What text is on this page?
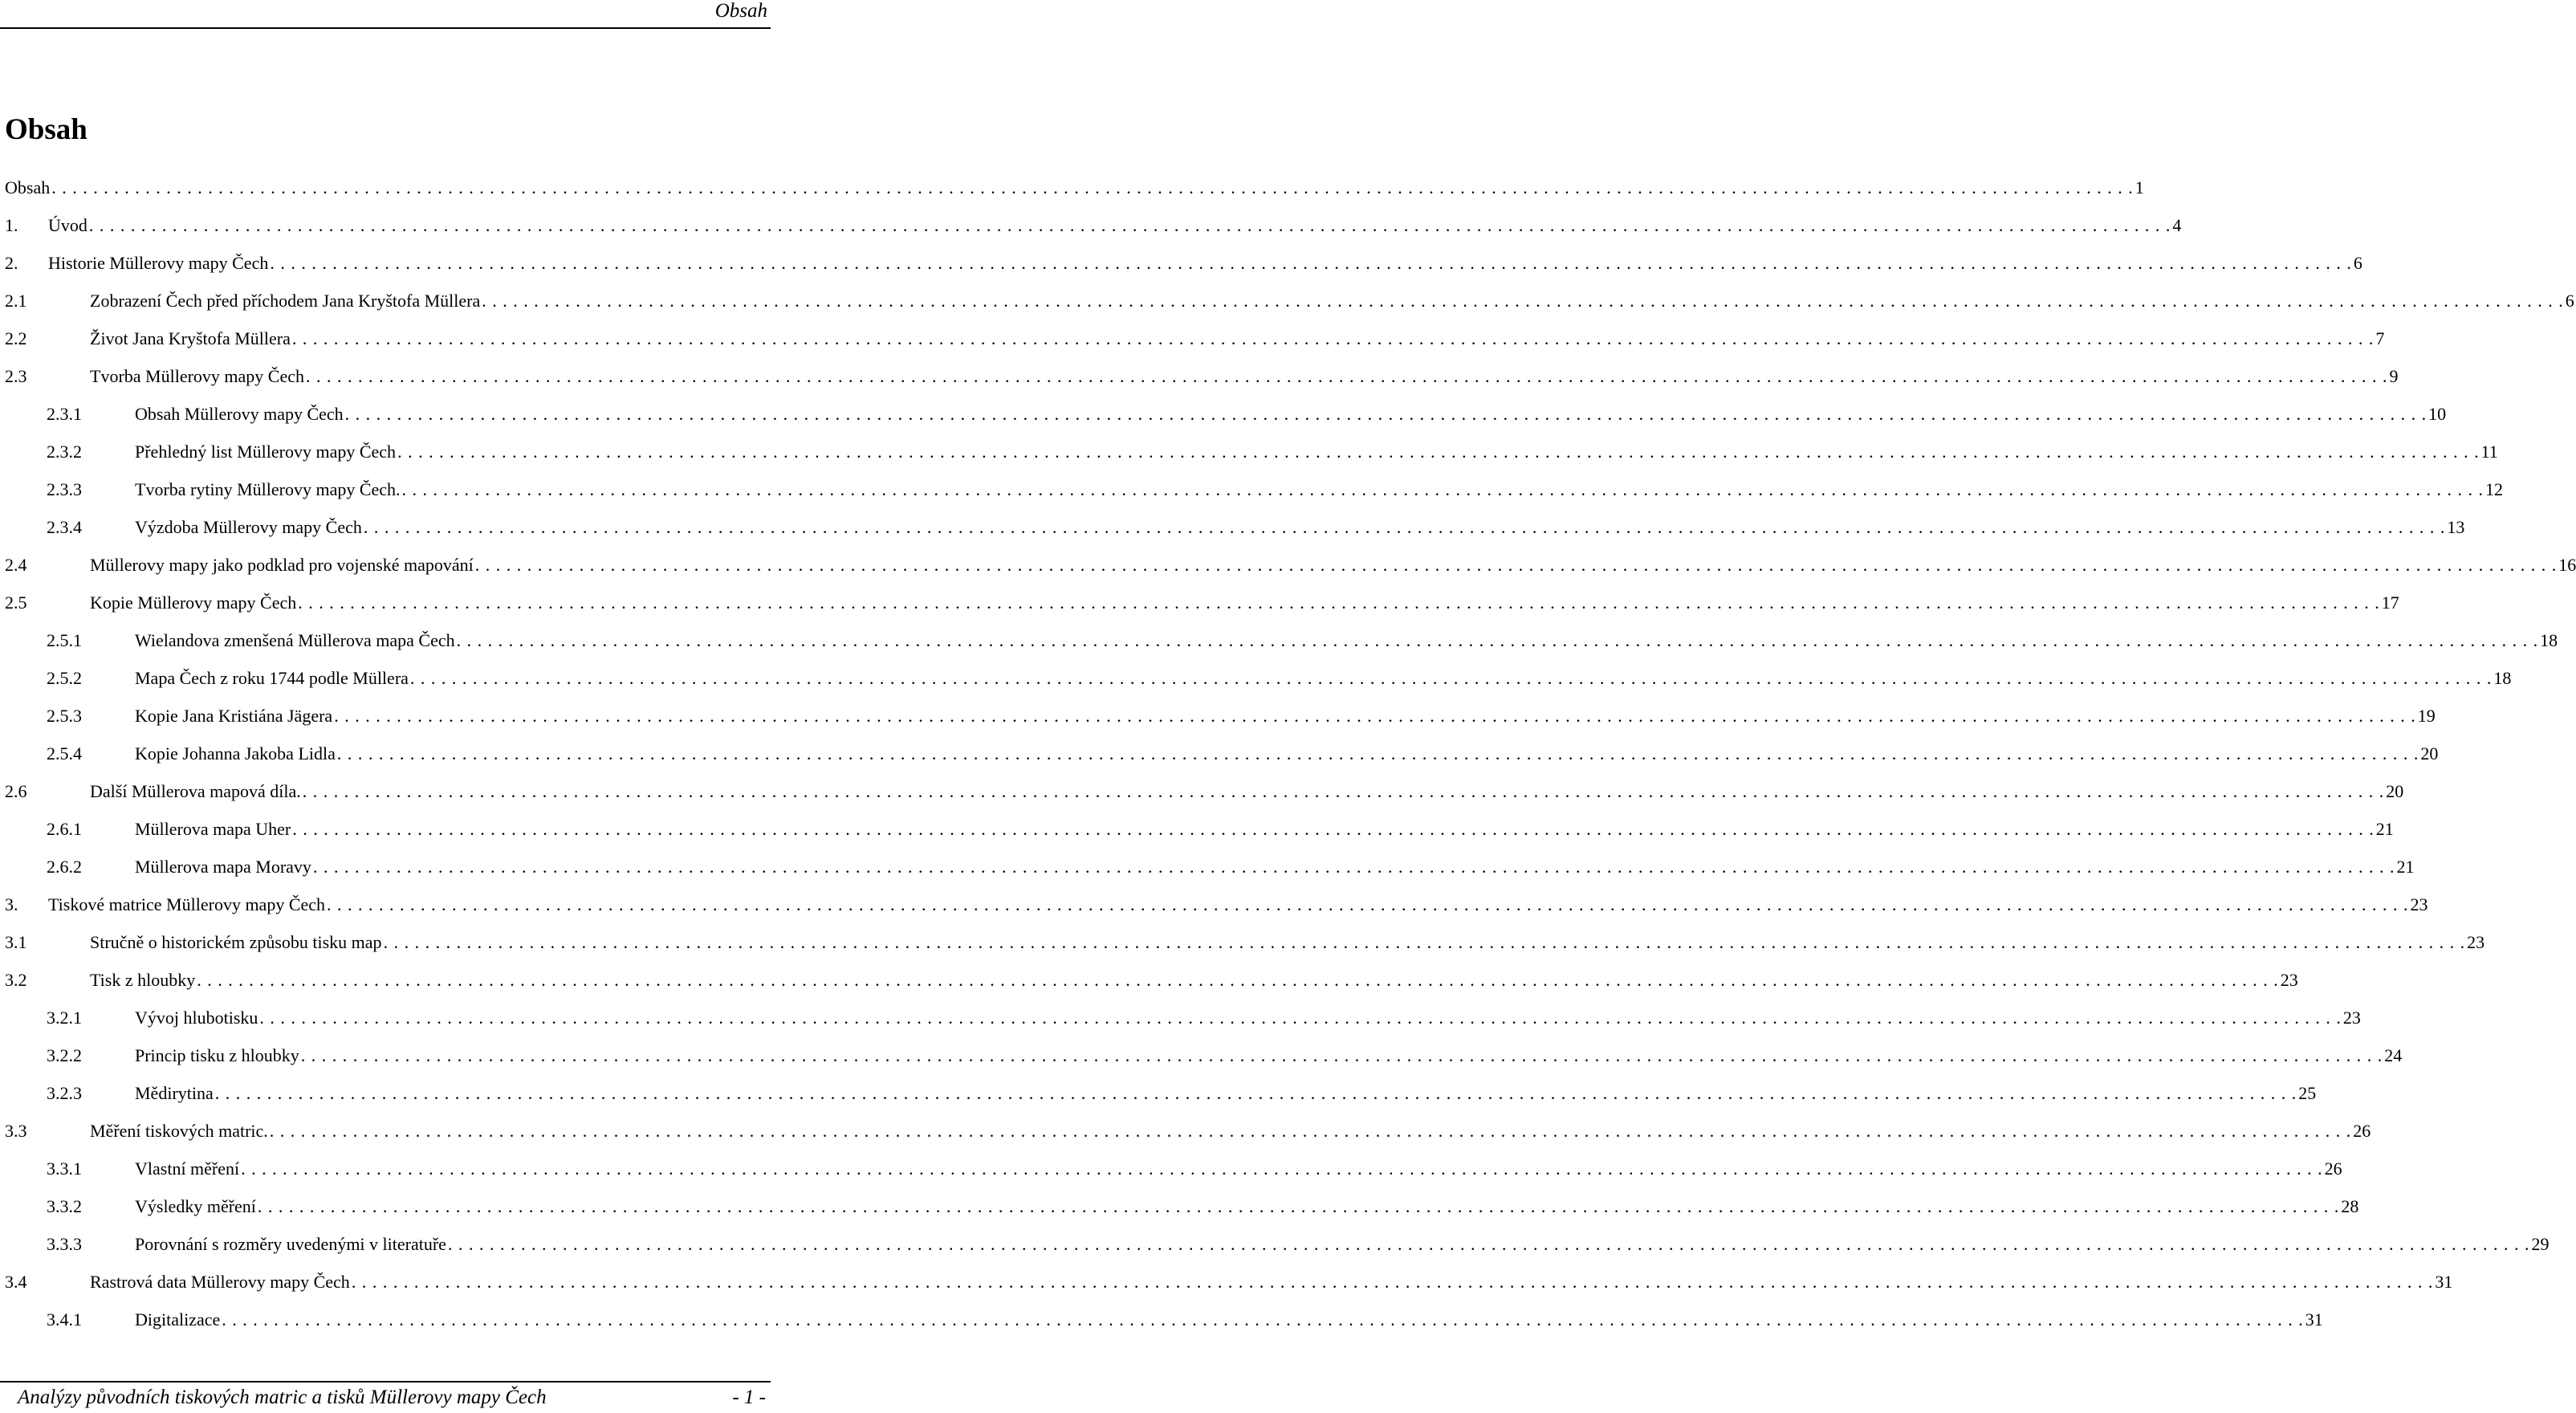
Obsah
Obsah
Obsah . . . . . . . . . . . . . . . . . . . . . . . . . . . . . . . . . . . . . . . . . . . . . . . . . . . . . . . . . . . . . . . . . . . . . . . . . . . . . . . . . . . . . . . . . . . . . . . . . . . . . . . . . . . . . . . . . . . . . . . . . . . . . . . . . . . . . . . . . . . . . . . . . . . . . . . . . . . . . . . . . . . . . . . . . . . . . . . . . . . . . . . . . . . . . . . . . . . . . . . . 1
1. Úvod . . . . . . . . . . . . . . . . . . . . . . . . . . . . . . . . . . . . . . . . . . . . . . . . . . . . . . . . . . . . . . . . . . . . . . . . . . . . . . . . . . . . . . . . . . . . . . . . . . . . . . . . . . . . . . . . . . . . . . . . . . . . . . . . . . . . . . . . . . . . . . . . . . . . . . . . . . . . . . . . . . . . . . . . . . . . . . . . . . . . . . . . . . . . . . . . . . . . . . . . 4
2. Historie Müllerovy mapy Čech . . . . . . . . . . . . . . . . . . . . . . . . . . . . . . . . . . . . . . . . . . . . . . . . . . . . . . . . . . . . . . . . . . . . . . . . . . . . . . . . . . . . . . . . . . . . . . . . . . . . . . . . . . . . . . . . . . . . . . . . . . . . . . . . . . . . . . . . . . . . . . . . . . . . . . . . . . . . . . . . . . . . . . . . . . . . . . . . . . . . . . . . . . . . . . . . . . . . . . . . 6
2.1	Zobrazení Čech před příchodem Jana Kryštofa Müllera . . . . . . . . . . . . . . . . . . . . . . . . . . . . . . . . . . . . . . . . . . . . . . . . . . . . . . . . . . . . . . . . . . . . . . . . . . . . . . . . . . . . . . . . . . . . . . . . . . . . . . . . . . . . . . . . . . . . . . . . . . . . . . . . . . . . . . . . . . . . . . . . . . . . . . . . . . . . . . . . . . . . . . . . . . . . . . . . . . . . . . . . . . . . . . . . . . . . . . . . 6
2.2	Život Jana Kryštofa Müllera . . . . . . . . . . . . . . . . . . . . . . . . . . . . . . . . . . . . . . . . . . . . . . . . . . . . . . . . . . . . . . . . . . . . . . . . . . . . . . . . . . . . . . . . . . . . . . . . . . . . . . . . . . . . . . . . . . . . . . . . . . . . . . . . . . . . . . . . . . . . . . . . . . . . . . . . . . . . . . . . . . . . . . . . . . . . . . . . . . . . . . . . . . . . . . . . . . . . . . . . 7
2.3	Tvorba Müllerovy mapy Čech . . . . . . . . . . . . . . . . . . . . . . . . . . . . . . . . . . . . . . . . . . . . . . . . . . . . . . . . . . . . . . . . . . . . . . . . . . . . . . . . . . . . . . . . . . . . . . . . . . . . . . . . . . . . . . . . . . . . . . . . . . . . . . . . . . . . . . . . . . . . . . . . . . . . . . . . . . . . . . . . . . . . . . . . . . . . . . . . . . . . . . . . . . . . . . . . . . . . . . . . 9
2.3.1	Obsah Müllerovy mapy Čech . . . . . . . . . . . . . . . . . . . . . . . . . . . . . . . . . . . . . . . . . . . . . . . . . . . . . . . . . . . . . . . . . . . . . . . . . . . . . . . . . . . . . . . . . . . . . . . . . . . . . . . . . . . . . . . . . . . . . . . . . . . . . . . . . . . . . . . . . . . . . . . . . . . . . . . . . . . . . . . . . . . . . . . . . . . . . . . . . . . . . . . . . . . . . . . . . . . . . . . . 10
2.3.2	Přehledný list Müllerovy mapy Čech . . . . . . . . . . . . . . . . . . . . . . . . . . . . . . . . . . . . . . . . . . . . . . . . . . . . . . . . . . . . . . . . . . . . . . . . . . . . . . . . . . . . . . . . . . . . . . . . . . . . . . . . . . . . . . . . . . . . . . . . . . . . . . . . . . . . . . . . . . . . . . . . . . . . . . . . . . . . . . . . . . . . . . . . . . . . . . . . . . . . . . . . . . . . . . . . . . . . . . . . 11
2.3.3	Tvorba rytiny Müllerovy mapy Čech. . . . . . . . . . . . . . . . . . . . . . . . . . . . . . . . . . . . . . . . . . . . . . . . . . . . . . . . . . . . . . . . . . . . . . . . . . . . . . . . . . . . . . . . . . . . . . . . . . . . . . . . . . . . . . . . . . . . . . . . . . . . . . . . . . . . . . . . . . . . . . . . . . . . . . . . . . . . . . . . . . . . . . . . . . . . . . . . . . . . . . . . . . . . . . . . . . . . . . . . . 12
2.3.4	Výzdoba Müllerovy mapy Čech . . . . . . . . . . . . . . . . . . . . . . . . . . . . . . . . . . . . . . . . . . . . . . . . . . . . . . . . . . . . . . . . . . . . . . . . . . . . . . . . . . . . . . . . . . . . . . . . . . . . . . . . . . . . . . . . . . . . . . . . . . . . . . . . . . . . . . . . . . . . . . . . . . . . . . . . . . . . . . . . . . . . . . . . . . . . . . . . . . . . . . . . . . . . . . . . . . . . . . . . 13
2.4	Müllerovy mapy jako podklad pro vojenské mapování . . . . . . . . . . . . . . . . . . . . . . . . . . . . . . . . . . . . . . . . . . . . . . . . . . . . . . . . . . . . . . . . . . . . . . . . . . . . . . . . . . . . . . . . . . . . . . . . . . . . . . . . . . . . . . . . . . . . . . . . . . . . . . . . . . . . . . . . . . . . . . . . . . . . . . . . . . . . . . . . . . . . . . . . . . . . . . . . . . . . . . . . . . . . . . . . . . . . . . . . 16
2.5	Kopie Müllerovy mapy Čech . . . . . . . . . . . . . . . . . . . . . . . . . . . . . . . . . . . . . . . . . . . . . . . . . . . . . . . . . . . . . . . . . . . . . . . . . . . . . . . . . . . . . . . . . . . . . . . . . . . . . . . . . . . . . . . . . . . . . . . . . . . . . . . . . . . . . . . . . . . . . . . . . . . . . . . . . . . . . . . . . . . . . . . . . . . . . . . . . . . . . . . . . . . . . . . . . . . . . . . . 17
2.5.1	Wielandova zmenšená Müllerova mapa Čech . . . . . . . . . . . . . . . . . . . . . . . . . . . . . . . . . . . . . . . . . . . . . . . . . . . . . . . . . . . . . . . . . . . . . . . . . . . . . . . . . . . . . . . . . . . . . . . . . . . . . . . . . . . . . . . . . . . . . . . . . . . . . . . . . . . . . . . . . . . . . . . . . . . . . . . . . . . . . . . . . . . . . . . . . . . . . . . . . . . . . . . . . . . . . . . . . . . . . . . . 18
2.5.2	Mapa Čech z roku 1744 podle Müllera . . . . . . . . . . . . . . . . . . . . . . . . . . . . . . . . . . . . . . . . . . . . . . . . . . . . . . . . . . . . . . . . . . . . . . . . . . . . . . . . . . . . . . . . . . . . . . . . . . . . . . . . . . . . . . . . . . . . . . . . . . . . . . . . . . . . . . . . . . . . . . . . . . . . . . . . . . . . . . . . . . . . . . . . . . . . . . . . . . . . . . . . . . . . . . . . . . . . . . . . 18
2.5.3	Kopie Jana Kristiána Jägera . . . . . . . . . . . . . . . . . . . . . . . . . . . . . . . . . . . . . . . . . . . . . . . . . . . . . . . . . . . . . . . . . . . . . . . . . . . . . . . . . . . . . . . . . . . . . . . . . . . . . . . . . . . . . . . . . . . . . . . . . . . . . . . . . . . . . . . . . . . . . . . . . . . . . . . . . . . . . . . . . . . . . . . . . . . . . . . . . . . . . . . . . . . . . . . . . . . . . . . . 19
2.5.4	Kopie Johanna Jakoba Lidla . . . . . . . . . . . . . . . . . . . . . . . . . . . . . . . . . . . . . . . . . . . . . . . . . . . . . . . . . . . . . . . . . . . . . . . . . . . . . . . . . . . . . . . . . . . . . . . . . . . . . . . . . . . . . . . . . . . . . . . . . . . . . . . . . . . . . . . . . . . . . . . . . . . . . . . . . . . . . . . . . . . . . . . . . . . . . . . . . . . . . . . . . . . . . . . . . . . . . . . . 20
2.6	Další Müllerova mapová díla. . . . . . . . . . . . . . . . . . . . . . . . . . . . . . . . . . . . . . . . . . . . . . . . . . . . . . . . . . . . . . . . . . . . . . . . . . . . . . . . . . . . . . . . . . . . . . . . . . . . . . . . . . . . . . . . . . . . . . . . . . . . . . . . . . . . . . . . . . . . . . . . . . . . . . . . . . . . . . . . . . . . . . . . . . . . . . . . . . . . . . . . . . . . . . . . . . . . . . . . . 20
2.6.1	Müllerova mapa Uher . . . . . . . . . . . . . . . . . . . . . . . . . . . . . . . . . . . . . . . . . . . . . . . . . . . . . . . . . . . . . . . . . . . . . . . . . . . . . . . . . . . . . . . . . . . . . . . . . . . . . . . . . . . . . . . . . . . . . . . . . . . . . . . . . . . . . . . . . . . . . . . . . . . . . . . . . . . . . . . . . . . . . . . . . . . . . . . . . . . . . . . . . . . . . . . . . . . . . . . . 21
2.6.2	Müllerova mapa Moravy . . . . . . . . . . . . . . . . . . . . . . . . . . . . . . . . . . . . . . . . . . . . . . . . . . . . . . . . . . . . . . . . . . . . . . . . . . . . . . . . . . . . . . . . . . . . . . . . . . . . . . . . . . . . . . . . . . . . . . . . . . . . . . . . . . . . . . . . . . . . . . . . . . . . . . . . . . . . . . . . . . . . . . . . . . . . . . . . . . . . . . . . . . . . . . . . . . . . . . . . 21
3. Tiskové matrice Müllerovy mapy Čech . . . . . . . . . . . . . . . . . . . . . . . . . . . . . . . . . . . . . . . . . . . . . . . . . . . . . . . . . . . . . . . . . . . . . . . . . . . . . . . . . . . . . . . . . . . . . . . . . . . . . . . . . . . . . . . . . . . . . . . . . . . . . . . . . . . . . . . . . . . . . . . . . . . . . . . . . . . . . . . . . . . . . . . . . . . . . . . . . . . . . . . . . . . . . . . . . . . . . . . . 23
3.1	Stručně o historickém způsobu tisku map . . . . . . . . . . . . . . . . . . . . . . . . . . . . . . . . . . . . . . . . . . . . . . . . . . . . . . . . . . . . . . . . . . . . . . . . . . . . . . . . . . . . . . . . . . . . . . . . . . . . . . . . . . . . . . . . . . . . . . . . . . . . . . . . . . . . . . . . . . . . . . . . . . . . . . . . . . . . . . . . . . . . . . . . . . . . . . . . . . . . . . . . . . . . . . . . . . . . . . . . 23
3.2	Tisk z hloubky . . . . . . . . . . . . . . . . . . . . . . . . . . . . . . . . . . . . . . . . . . . . . . . . . . . . . . . . . . . . . . . . . . . . . . . . . . . . . . . . . . . . . . . . . . . . . . . . . . . . . . . . . . . . . . . . . . . . . . . . . . . . . . . . . . . . . . . . . . . . . . . . . . . . . . . . . . . . . . . . . . . . . . . . . . . . . . . . . . . . . . . . . . . . . . . . . . . . . . . . 23
3.2.1	Vývoj hlubotisku . . . . . . . . . . . . . . . . . . . . . . . . . . . . . . . . . . . . . . . . . . . . . . . . . . . . . . . . . . . . . . . . . . . . . . . . . . . . . . . . . . . . . . . . . . . . . . . . . . . . . . . . . . . . . . . . . . . . . . . . . . . . . . . . . . . . . . . . . . . . . . . . . . . . . . . . . . . . . . . . . . . . . . . . . . . . . . . . . . . . . . . . . . . . . . . . . . . . . . . . 23
3.2.2	Princip tisku z hloubky . . . . . . . . . . . . . . . . . . . . . . . . . . . . . . . . . . . . . . . . . . . . . . . . . . . . . . . . . . . . . . . . . . . . . . . . . . . . . . . . . . . . . . . . . . . . . . . . . . . . . . . . . . . . . . . . . . . . . . . . . . . . . . . . . . . . . . . . . . . . . . . . . . . . . . . . . . . . . . . . . . . . . . . . . . . . . . . . . . . . . . . . . . . . . . . . . . . . . . . . 24
3.2.3	Mědirytina . . . . . . . . . . . . . . . . . . . . . . . . . . . . . . . . . . . . . . . . . . . . . . . . . . . . . . . . . . . . . . . . . . . . . . . . . . . . . . . . . . . . . . . . . . . . . . . . . . . . . . . . . . . . . . . . . . . . . . . . . . . . . . . . . . . . . . . . . . . . . . . . . . . . . . . . . . . . . . . . . . . . . . . . . . . . . . . . . . . . . . . . . . . . . . . . . . . . . . . . 25
3.3	Měření tiskových matric. . . . . . . . . . . . . . . . . . . . . . . . . . . . . . . . . . . . . . . . . . . . . . . . . . . . . . . . . . . . . . . . . . . . . . . . . . . . . . . . . . . . . . . . . . . . . . . . . . . . . . . . . . . . . . . . . . . . . . . . . . . . . . . . . . . . . . . . . . . . . . . . . . . . . . . . . . . . . . . . . . . . . . . . . . . . . . . . . . . . . . . . . . . . . . . . . . . . . . . . . 26
3.3.1	Vlastní měření . . . . . . . . . . . . . . . . . . . . . . . . . . . . . . . . . . . . . . . . . . . . . . . . . . . . . . . . . . . . . . . . . . . . . . . . . . . . . . . . . . . . . . . . . . . . . . . . . . . . . . . . . . . . . . . . . . . . . . . . . . . . . . . . . . . . . . . . . . . . . . . . . . . . . . . . . . . . . . . . . . . . . . . . . . . . . . . . . . . . . . . . . . . . . . . . . . . . . . . . 26
3.3.2	Výsledky měření . . . . . . . . . . . . . . . . . . . . . . . . . . . . . . . . . . . . . . . . . . . . . . . . . . . . . . . . . . . . . . . . . . . . . . . . . . . . . . . . . . . . . . . . . . . . . . . . . . . . . . . . . . . . . . . . . . . . . . . . . . . . . . . . . . . . . . . . . . . . . . . . . . . . . . . . . . . . . . . . . . . . . . . . . . . . . . . . . . . . . . . . . . . . . . . . . . . . . . . . 28
3.3.3	Porovnání s rozměry uvedenými v literatuře . . . . . . . . . . . . . . . . . . . . . . . . . . . . . . . . . . . . . . . . . . . . . . . . . . . . . . . . . . . . . . . . . . . . . . . . . . . . . . . . . . . . . . . . . . . . . . . . . . . . . . . . . . . . . . . . . . . . . . . . . . . . . . . . . . . . . . . . . . . . . . . . . . . . . . . . . . . . . . . . . . . . . . . . . . . . . . . . . . . . . . . . . . . . . . . . . . . . . . . . 29
3.4	Rastrová data Müllerovy mapy Čech . . . . . . . . . . . . . . . . . . . . . . . . . . . . . . . . . . . . . . . . . . . . . . . . . . . . . . . . . . . . . . . . . . . . . . . . . . . . . . . . . . . . . . . . . . . . . . . . . . . . . . . . . . . . . . . . . . . . . . . . . . . . . . . . . . . . . . . . . . . . . . . . . . . . . . . . . . . . . . . . . . . . . . . . . . . . . . . . . . . . . . . . . . . . . . . . . . . . . . . . 31
3.4.1	Digitalizace . . . . . . . . . . . . . . . . . . . . . . . . . . . . . . . . . . . . . . . . . . . . . . . . . . . . . . . . . . . . . . . . . . . . . . . . . . . . . . . . . . . . . . . . . . . . . . . . . . . . . . . . . . . . . . . . . . . . . . . . . . . . . . . . . . . . . . . . . . . . . . . . . . . . . . . . . . . . . . . . . . . . . . . . . . . . . . . . . . . . . . . . . . . . . . . . . . . . . . . . 31
Analýzy původních tiskových matric a tisků Müllerovy mapy Čech	- 1 -
